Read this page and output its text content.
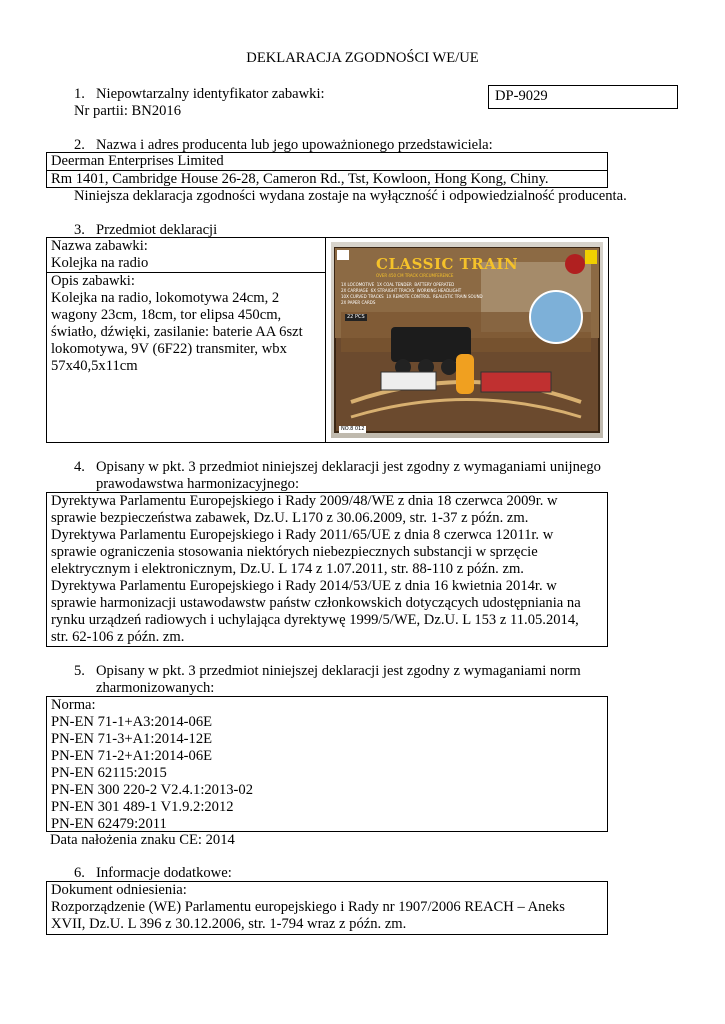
DEKLARACJA ZGODNOŚCI WE/UE
1. Niepowtarzalny identyfikator zabawki:
Nr partii: BN2016
DP-9029
2. Nazwa i adres producenta lub jego upoważnionego przedstawiciela:
Deerman Enterprises Limited
Rm 1401, Cambridge House 26-28, Cameron Rd., Tst, Kowloon, Hong Kong, Chiny.
Niniejsza deklaracja zgodności wydana zostaje na wyłączność i odpowiedzialność producenta.
3. Przedmiot deklaracji
Nazwa zabawki:
Kolejka na radio
Opis zabawki:
Kolejka na radio, lokomotywa 24cm, 2
wagony 23cm, 18cm, tor elipsa 450cm,
światło, dźwięki, zasilanie: baterie AA 6szt
lokomotywa, 9V (6F22) transmiter, wbx
57x40,5x11cm
CLASSIC TRAIN
OVER 450 CM TRACK CIRCUMFERENCE
1X LOCOMOTIVE 1X COAL TENDER BATTERY OPERATED
2X CARRIAGE 6X STRAIGHT TRACKS WORKING HEADLIGHT
10X CURVED TRACKS 1X REMOTE CONTROL REALISTIC TRAIN SOUND
2X PAPER CARDS
22 PCS
NO.8 012
4. Opisany w pkt. 3 przedmiot niniejszej deklaracji jest zgodny z wymaganiami unijnego
prawodawstwa harmonizacyjnego:
Dyrektywa Parlamentu Europejskiego i Rady 2009/48/WE z dnia 18 czerwca 2009r. w
sprawie bezpieczeństwa zabawek, Dz.U. L170 z 30.06.2009, str. 1-37 z późn. zm.
Dyrektywa Parlamentu Europejskiego i Rady 2011/65/UE z dnia 8 czerwca 12011r. w
sprawie ograniczenia stosowania niektórych niebezpiecznych substancji w sprzęcie
elektrycznym i elektronicznym, Dz.U. L 174 z 1.07.2011, str. 88-110 z późn. zm.
Dyrektywa Parlamentu Europejskiego i Rady 2014/53/UE z dnia 16 kwietnia 2014r. w
sprawie harmonizacji ustawodawstw państw członkowskich dotyczących udostępniania na
rynku urządzeń radiowych i uchylająca dyrektywę 1999/5/WE, Dz.U. L 153 z 11.05.2014,
str. 62-106 z późn. zm.
5. Opisany w pkt. 3 przedmiot niniejszej deklaracji jest zgodny z wymaganiami norm
zharmonizowanych:
Norma:
PN-EN 71-1+A3:2014-06E
PN-EN 71-3+A1:2014-12E
PN-EN 71-2+A1:2014-06E
PN-EN 62115:2015
PN-EN 300 220-2 V2.4.1:2013-02
PN-EN 301 489-1 V1.9.2:2012
PN-EN 62479:2011
Data nałożenia znaku CE: 2014
6. Informacje dodatkowe:
Dokument odniesienia:
Rozporządzenie (WE) Parlamentu europejskiego i Rady nr 1907/2006 REACH – Aneks
XVII, Dz.U. L 396 z 30.12.2006, str. 1-794 wraz z późn. zm.
